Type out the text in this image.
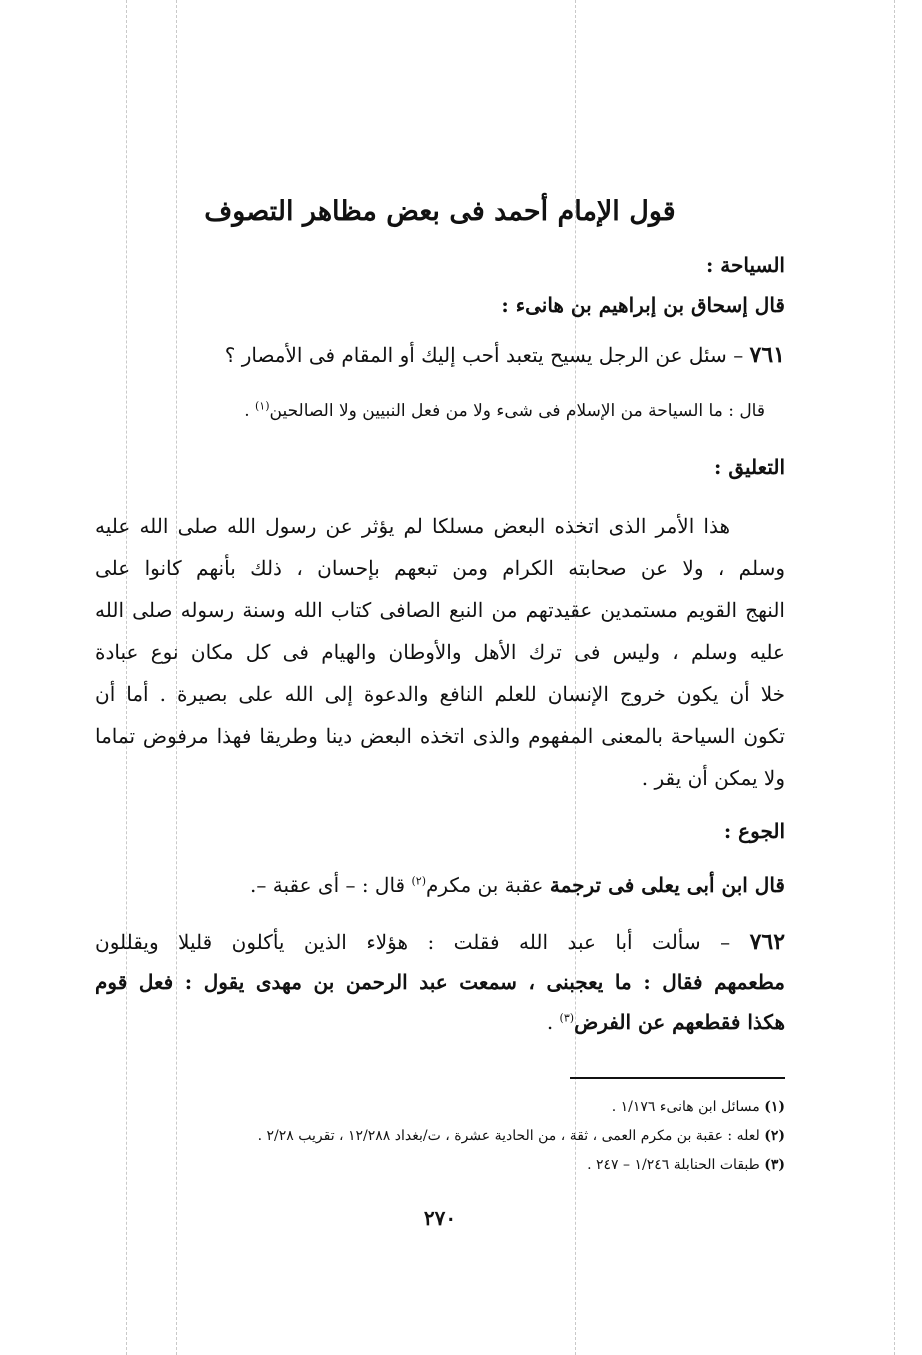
قول الإمام أحمد فى بعض مظاهر التصوف
السياحة :
قال إسحاق بن إبراهيم بن هانىء :
٧٦١ – سئل عن الرجل يسيح يتعبد أحب إليك أو المقام فى الأمصار ؟
قال : ما السياحة من الإسلام فى شىء ولا من فعل النبيين ولا الصالحين$^{(١)}$ .
التعليق :
هذا الأمر الذى اتخذه البعض مسلكا لم يؤثر عن رسول الله صلى الله عليه
وسلم ، ولا عن صحابته الكرام ومن تبعهم بإحسان ، ذلك بأنهم كانوا على
النهج القويم مستمدين عقيدتهم من النبع الصافى كتاب الله وسنة رسوله صلى الله
عليه وسلم ، وليس فى ترك الأهل والأوطان والهيام فى كل مكان نوع عبادة
خلا أن يكون خروج الإنسان للعلم النافع والدعوة إلى الله على بصيرة . أما أن
تكون السياحة بالمعنى المفهوم والذى اتخذه البعض دينا وطريقا فهذا مرفوض تماما
ولا يمكن أن يقر .
الجوع :
قال ابن أبى يعلى فى ترجمة عقبة بن مكرم$^{(٢)}$ قال : – أى عقبة –.
٧٦٢ – سألت أبا عبد الله فقلت : هؤلاء الذين يأكلون قليلا ويقللون
مطعمهم فقال : ما يعجبنى ، سمعت عبد الرحمن بن مهدى يقول : فعل قوم
هكذا فقطعهم عن الفرض$^{(٣)}$ .
(١) مسائل ابن هانىء ١/١٧٦ .
(٢) لعله : عقبة بن مكرم العمى ، ثقة ، من الحادية عشرة ، ت/بغداد ١٢/٢٨٨ ، تقريب ٢/٢٨ .
(٣) طبقات الحنابلة ١/٢٤٦ – ٢٤٧ .
٢٧٠
